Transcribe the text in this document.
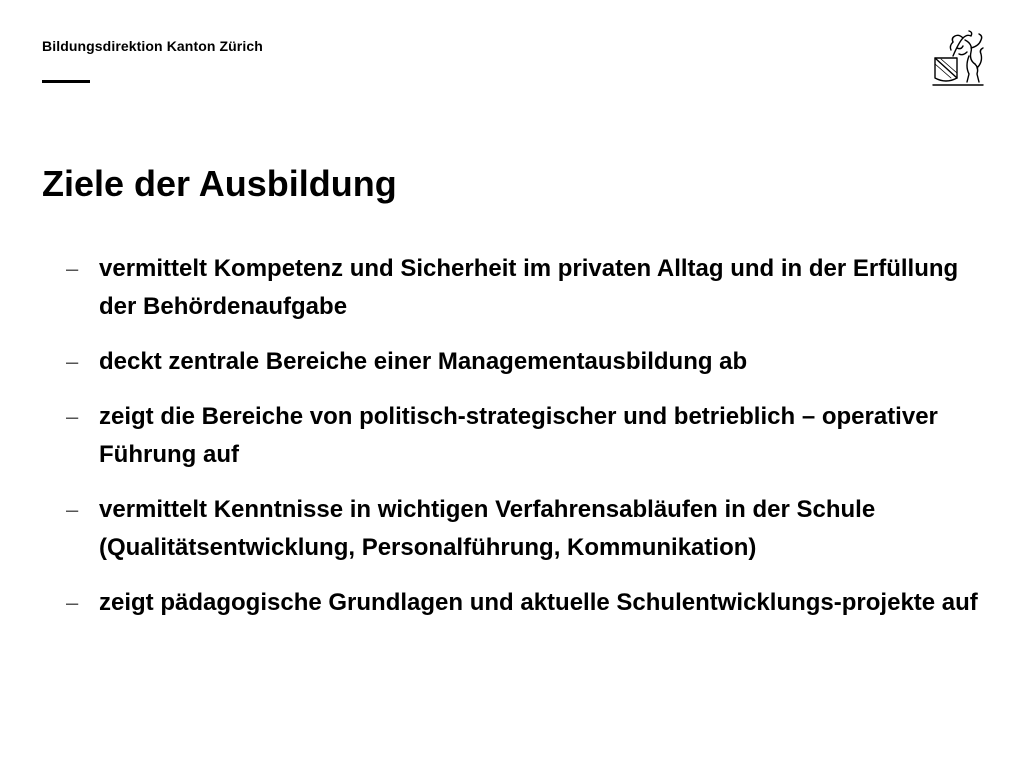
Bildungsdirektion Kanton Zürich
Ziele der Ausbildung
– vermittelt Kompetenz und Sicherheit im privaten Alltag und in der Erfüllung der Behördenaufgabe
– deckt zentrale Bereiche einer Managementausbildung ab
– zeigt die Bereiche von politisch-strategischer und betrieblich – operativer Führung auf
– vermittelt Kenntnisse in wichtigen Verfahrensabläufen in der Schule (Qualitätsentwicklung, Personalführung, Kommunikation)
– zeigt pädagogische Grundlagen und aktuelle Schulentwicklungs-projekte auf
